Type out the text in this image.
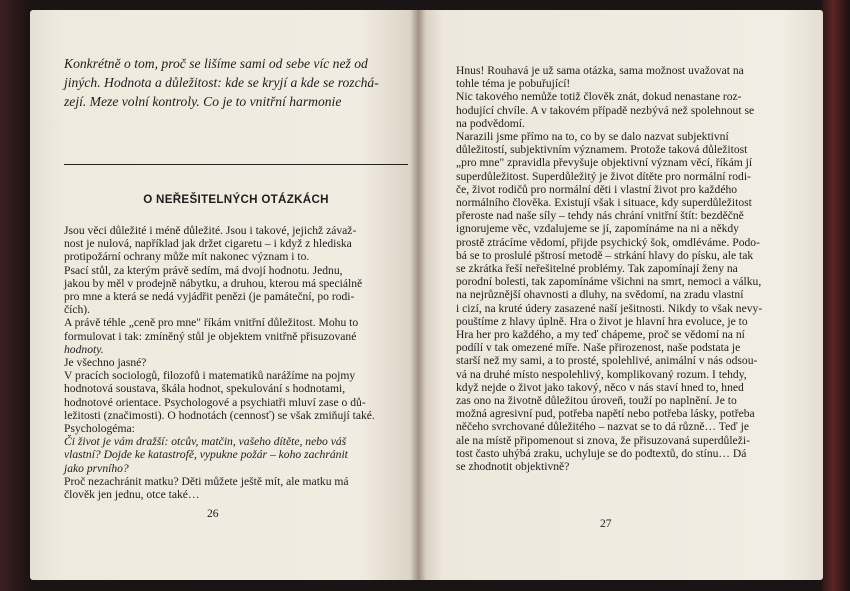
Konkrétně o tom, proč se lišíme sami od sebe víc než od
jiných. Hodnota a důležitost: kde se kryjí a kde se rozchá-
zejí. Meze volní kontroly. Co je to vnitřní harmonie
O NEŘEŠITELNÝCH OTÁZKÁCH
Jsou věci důležité i méně důležité. Jsou i takové, jejichž závaž-
nost je nulová, například jak držet cigaretu – i když z hlediska
protipožární ochrany může mít nakonec význam i to.
Psací stůl, za kterým právě sedím, má dvojí hodnotu. Jednu,
jakou by měl v prodejně nábytku, a druhou, kterou má speciálně
pro mne a která se nedá vyjádřit penězi (je památeční, po rodi-
čích).
A právě téhle „ceně pro mne" říkám vnitřní důležitost. Mohu to
formulovat i tak: zmíněný stůl je objektem vnitřně přisuzované
hodnoty.
Je všechno jasné?
V pracích sociologů, filozofů i matematiků narážíme na pojmy
hodnotová soustava, škála hodnot, spekulování s hodnotami,
hodnotové orientace. Psychologové a psychiatři mluví zase o dů-
ležitosti (značimosti). O hodnotách (cennosť) se však zmiňují také.
Psychologéma:
Či život je vám dražší: otcův, matčin, vašeho dítěte, nebo váš
vlastní? Dojde ke katastrofě, vypukne požár – koho zachránit
jako prvního?
Proč nezachránit matku? Děti můžete ještě mít, ale matku má
člověk jen jednu, otce také…
26
Hnus! Rouhavá je už sama otázka, sama možnost uvažovat na
tohle téma je pobuřující!
Nic takového nemůže totiž člověk znát, dokud nenastane roz-
hodující chvíle. A v takovém případě nezbývá než spolehnout se
na podvědomí.
Narazili jsme přímo na to, co by se dalo nazvat subjektivní
důležitostí, subjektivním významem. Protože taková důležitost
„pro mne" zpravidla převyšuje objektivní význam věcí, říkám jí
superdůležitost. Superdůležitý je život dítěte pro normální rodi-
če, život rodičů pro normální děti i vlastní život pro každého
normálního člověka. Existují však i situace, kdy superdůležitost
přeroste nad naše síly – tehdy nás chrání vnitřní štít: bezděčně
ignorujeme věc, vzdalujeme se jí, zapomínáme na ni a někdy
prostě ztrácíme vědomí, přijde psychický šok, omdléváme. Podo-
bá se to proslulé pštrosí metodě – strkání hlavy do písku, ale tak
se zkrátka řeší neřešitelné problémy. Tak zapomínají ženy na
porodní bolesti, tak zapomínáme všichni na smrt, nemoci a válku,
na nejrůznější ohavnosti a dluhy, na svědomí, na zradu vlastní
i cizí, na kruté údery zasazené naší ješitnosti. Nikdy to však nevy-
pouštíme z hlavy úplně. Hra o život je hlavní hra evoluce, je to
Hra her pro každého, a my teď chápeme, proč se vědomí na ní
podílí v tak omezené míře. Naše přirozenost, naše podstata je
starší než my sami, a to prosté, spolehlivé, animální v nás odsou-
vá na druhé místo nespolehlivý, komplikovaný rozum. I tehdy,
když nejde o život jako takový, něco v nás staví hned to, hned
zas ono na životně důležitou úroveň, touží po naplnění. Je to
možná agresivní pud, potřeba napětí nebo potřeba lásky, potřeba
něčeho svrchované důležitého – nazvat se to dá různě… Teď je
ale na místě připomenout si znova, že přisuzovaná superdůleži-
tost často uhýbá zraku, uchyluje se do podtextů, do stínu… Dá
se zhodnotit objektivně?
27
